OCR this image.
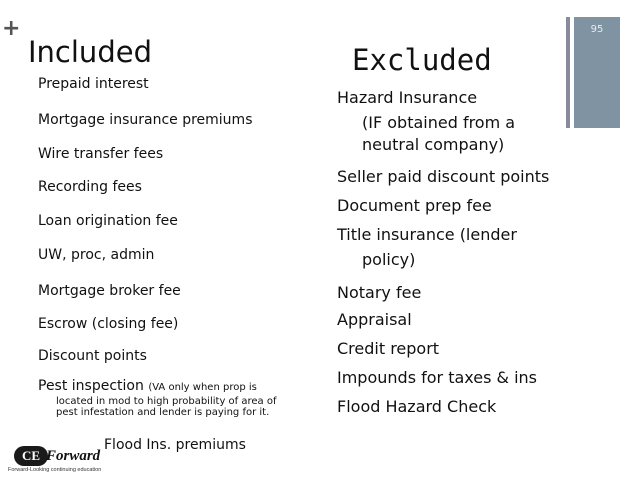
+
Included	Excluded
95
Prepaid interest
Mortgage insurance premiums
Wire transfer fees
Recording fees
Loan origination fee
UW, proc, admin
Mortgage broker fee
Escrow (closing fee)
Discount points
Pest inspection (VA only when prop is
located in mod to high probability of area of
pest infestation and lender is paying for it.
Flood Ins. premiums
Hazard Insurance
(IF obtained from a
neutral company)
Seller paid discount points
Document prep fee
Title insurance (lender
policy)
Notary fee
Appraisal
Credit report
Impounds for taxes & ins
Flood Hazard Check
CE Forward
Forward-Looking continuing education
